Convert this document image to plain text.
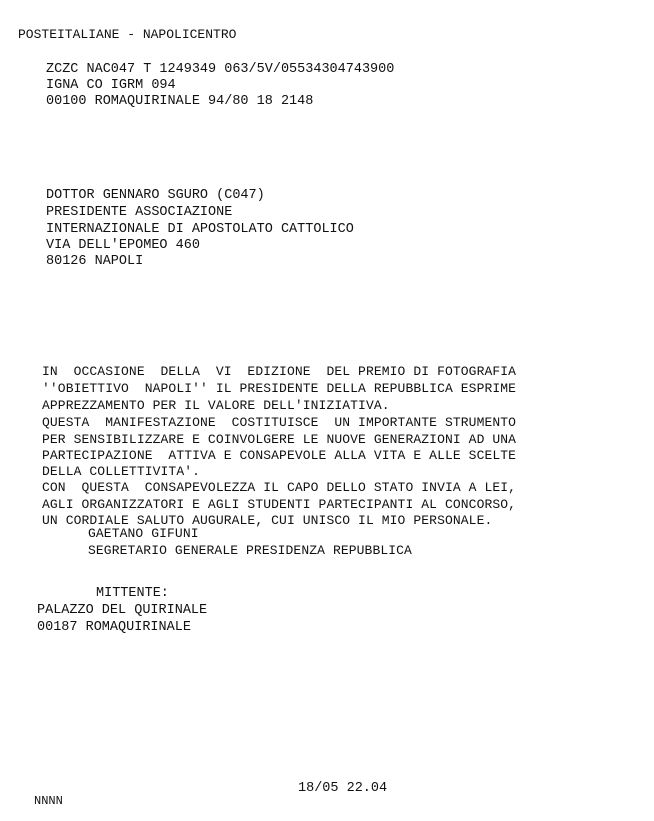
POSTEITALIANE - NAPOLICENTRO
ZCZC NAC047 T 1249349 063/5V/05534304743900
IGNA CO IGRM 094
00100 ROMAQUIRINALE 94/80 18 2148
DOTTOR GENNARO SGURO (C047)
PRESIDENTE ASSOCIAZIONE
INTERNAZIONALE DI APOSTOLATO CATTOLICO
VIA DELL'EPOMEO 460
80126 NAPOLI
IN  OCCASIONE  DELLA  VI  EDIZIONE  DEL PREMIO DI FOTOGRAFIA
''OBIETTIVO  NAPOLI'' IL PRESIDENTE DELLA REPUBBLICA ESPRIME
APPREZZAMENTO PER IL VALORE DELL'INIZIATIVA.
QUESTA  MANIFESTAZIONE  COSTITUISCE  UN IMPORTANTE STRUMENTO
PER SENSIBILIZZARE E COINVOLGERE LE NUOVE GENERAZIONI AD UNA
PARTECIPAZIONE  ATTIVA E CONSAPEVOLE ALLA VITA E ALLE SCELTE
DELLA COLLETTIVITA'.
CON  QUESTA  CONSAPEVOLEZZA IL CAPO DELLO STATO INVIA A LEI,
AGLI ORGANIZZATORI E AGLI STUDENTI PARTECIPANTI AL CONCORSO,
UN CORDIALE SALUTO AUGURALE, CUI UNISCO IL MIO PERSONALE.
GAETANO GIFUNI
SEGRETARIO GENERALE PRESIDENZA REPUBBLICA
MITTENTE:
PALAZZO DEL QUIRINALE
00187 ROMAQUIRINALE
18/05 22.04
NNNN
